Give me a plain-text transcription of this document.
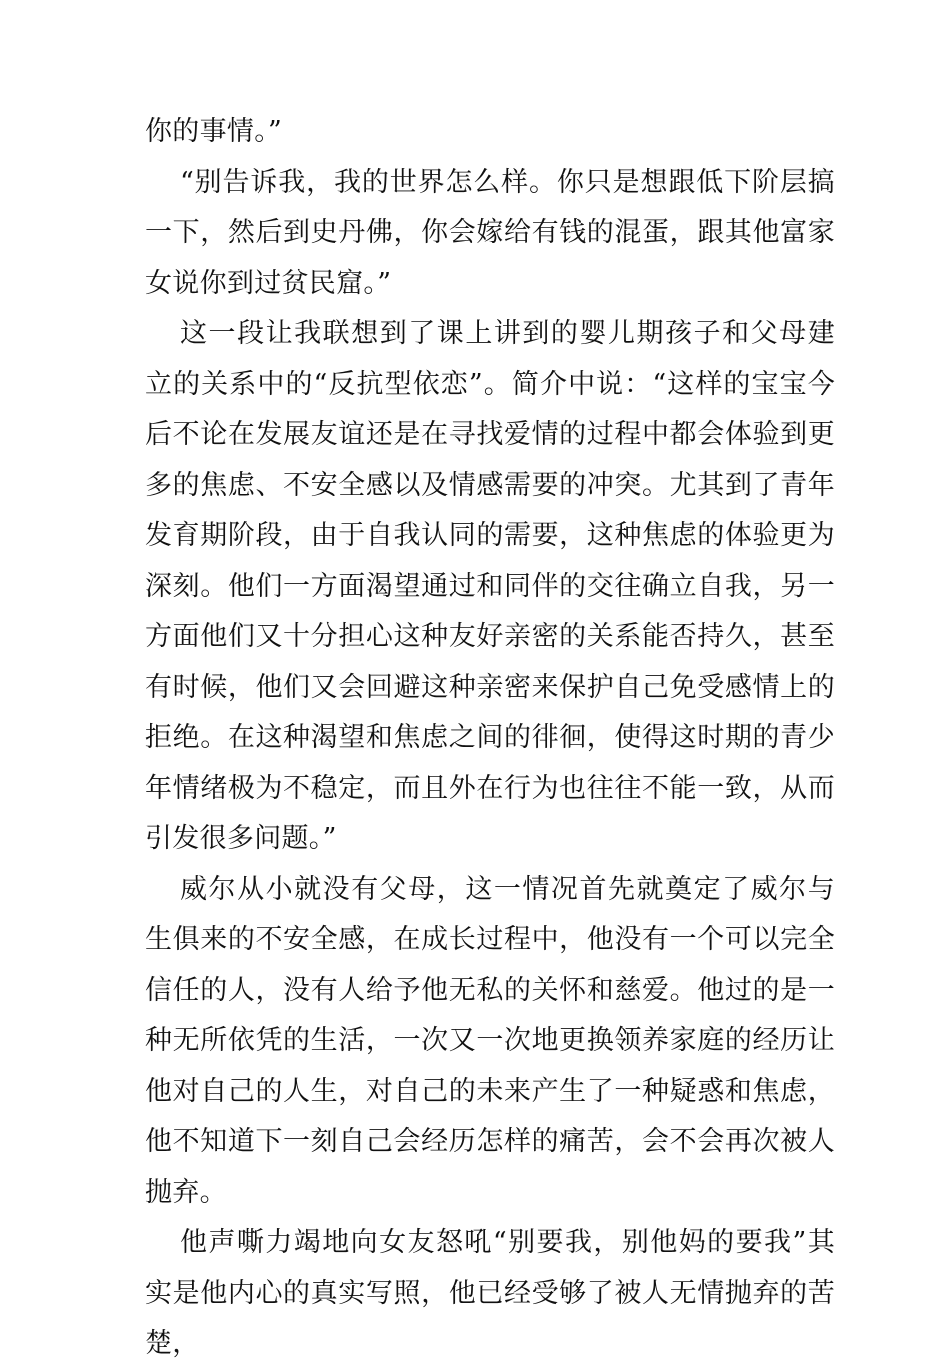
你的事情。”

“别告诉我，我的世界怎么样。你只是想跟低下阶层搞一下，然后到史丹佛，你会嫁给有钱的混蛋，跟其他富家女说你到过贫民窟。”

这一段让我联想到了课上讲到的婴儿期孩子和父母建立的关系中的“反抗型依恋”。简介中说：“这样的宝宝今后不论在发展友谊还是在寻找爱情的过程中都会体验到更多的焦虑、不安全感以及情感需要的冲突。尤其到了青年发育期阶段，由于自我认同的需要，这种焦虑的体验更为深刻。他们一方面渴望通过和同伴的交往确立自我，另一方面他们又十分担心这种友好亲密的关系能否持久，甚至有时候，他们又会回避这种亲密来保护自己免受感情上的拒绝。在这种渴望和焦虑之间的徘徊，使得这时期的青少年情绪极为不稳定，而且外在行为也往往不能一致，从而引发很多问题。”

威尔从小就没有父母，这一情况首先就奠定了威尔与生俱来的不安全感，在成长过程中，他没有一个可以完全信任的人，没有人给予他无私的关怀和慈爱。他过的是一种无所依凭的生活，一次又一次地更换领养家庭的经历让他对自己的人生，对自己的未来产生了一种疑惑和焦虑，他不知道下一刻自己会经历怎样的痛苦，会不会再次被人抛弃。

他声嘶力竭地向女友怒吼“别要我，别他妈的要我”其实是他内心的真实写照，他已经受够了被人无情抛弃的苦楚，
